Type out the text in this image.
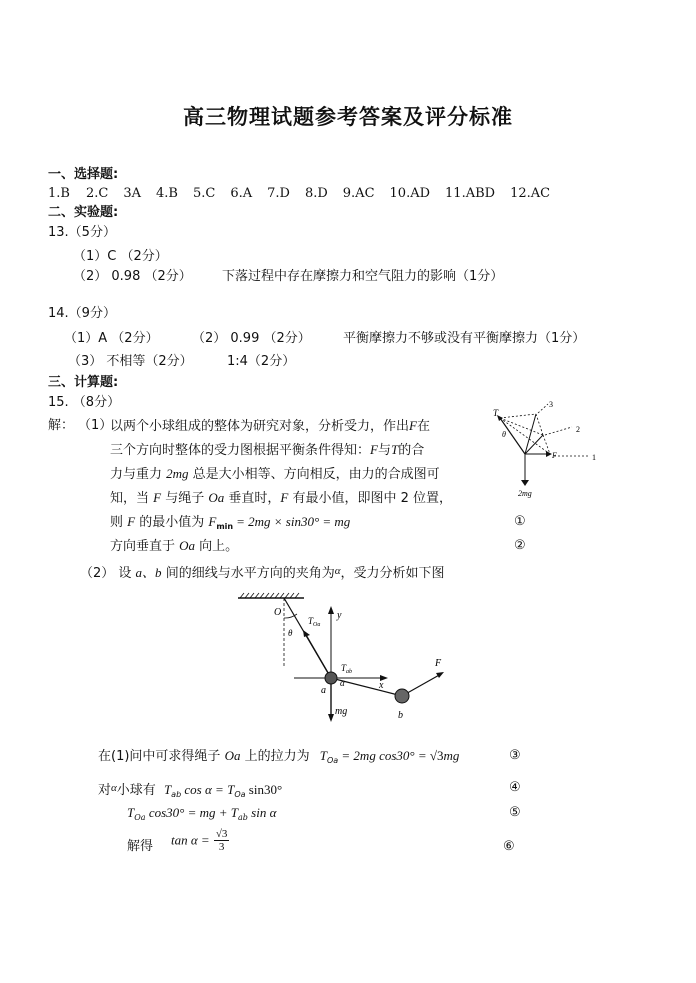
高三物理试题参考答案及评分标准
一、选择题:
1.B 2.C 3A 4.B 5.C 6.A 7.D 8.D 9.AC 10.AD 11.ABD 12.AC
二、实验题:
13.（5分）
（1）C （2分）
（2） 0.98 （2分） 下落过程中存在摩擦力和空气阻力的影响（1分）
14.（9分）
（1）A （2分）	（2） 0.99 （2分） 平衡摩擦力不够或没有平衡摩擦力（1分）
（3） 不相等（2分）	1:4（2分）
三、计算题:
15. （8分）
解： （1）
以两个小球组成的整体为研究对象，分析受力，作出F在
三个方向时整体的受力图根据平衡条件得知：F与T的合
力与重力 2mg 总是大小相等、方向相反，由力的合成图可
知，当 F 与绳子 Oa 垂直时，F 有最小值，即图中 2 位置，
则 F 的最小值为 $F_{min} = 2mg \times \sin 30^\circ$ = mg	①
方向垂直于 Oa 向上。	②
（2） 设 a、b 间的细线与水平方向的夹角为$^\alpha$，受力分析如下图
T
θ
F	1
2
3
2mg
O
θ
$T_{Oa}$
y
x
$T_{ab}$
α
a
b
F
mg
在(1)问中可求得绳子 Oa 上的拉力为 $T_{Oa} = 2mg$ cos30° = √3mg	③
对$^\alpha$小球有 $T_{ab}$ $\cos \alpha = T_{Oa}$ sin30°	④
$T_{Oa}$ cos30° = mg + $T_{ab}$ sin α	⑤
解得 $\tan \alpha = \frac{√3}{3}$	⑥
